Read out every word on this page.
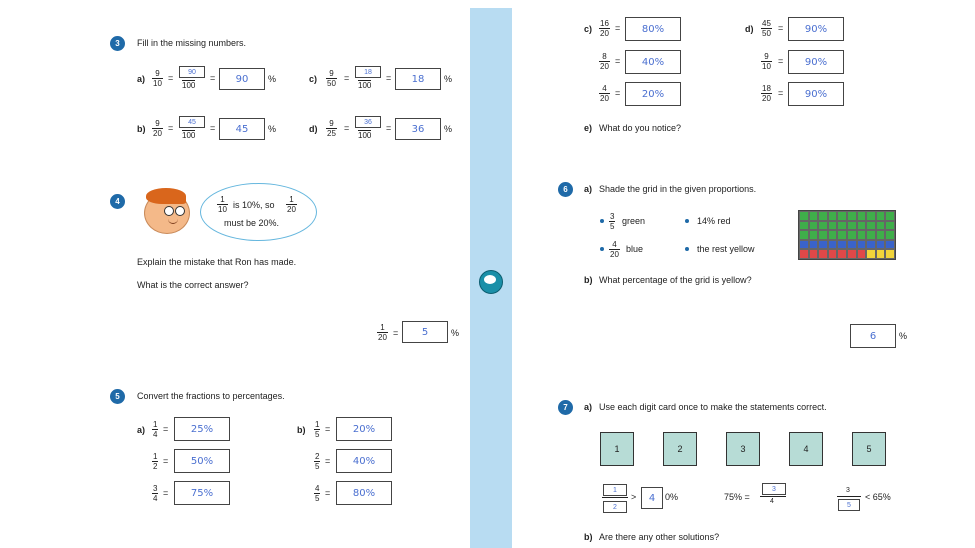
3	Fill in the missing numbers.
$a) \frac{9}{10}$ =
90
100
=	90	%
$b) \frac{9}{20}$ =
45
100
=	45	%
$c) \frac{9}{50}$ =
18
100
=	18	%
$d) \frac{9}{25}$ =
36
100
=	36	%
4	$\frac{1}{10}$ is 10%, so $\frac{1}{20}$
must be 20%.
Explain the mistake that Ron has made.
What is the correct answer?
$\frac{1}{20}$ =	5	%
5	Convert the fractions to percentages.
a)	b)
$\frac{1}{4}$ =	25%
$\frac{1}{2}$ =	50%
$\frac{3}{4}$ =	75%
$\frac{1}{5}$ =	20%
$\frac{2}{5}$ =	40%
$\frac{4}{5}$ =	80%
c)	d)
$\frac{16}{20}$ =	80%
$\frac{8}{20}$ =	40%
$\frac{4}{20}$ =	20%
$\frac{45}{50}$ =	90%
$\frac{9}{10}$ =	90%
$\frac{18}{20}$ =	90%
e) What do you notice?
6	a) Shade the grid in the given proportions.
$\frac{3}{5}$ green
$\frac{4}{20}$ blue
14% red
the rest yellow
b) What percentage of the grid is yellow?
6	%
7	a) Use each digit card once to make the statements correct.
1	2	3	4	5
1
2
>	4	0%	75% =
3
4
3
5
< 65%
b) Are there any other solutions?
